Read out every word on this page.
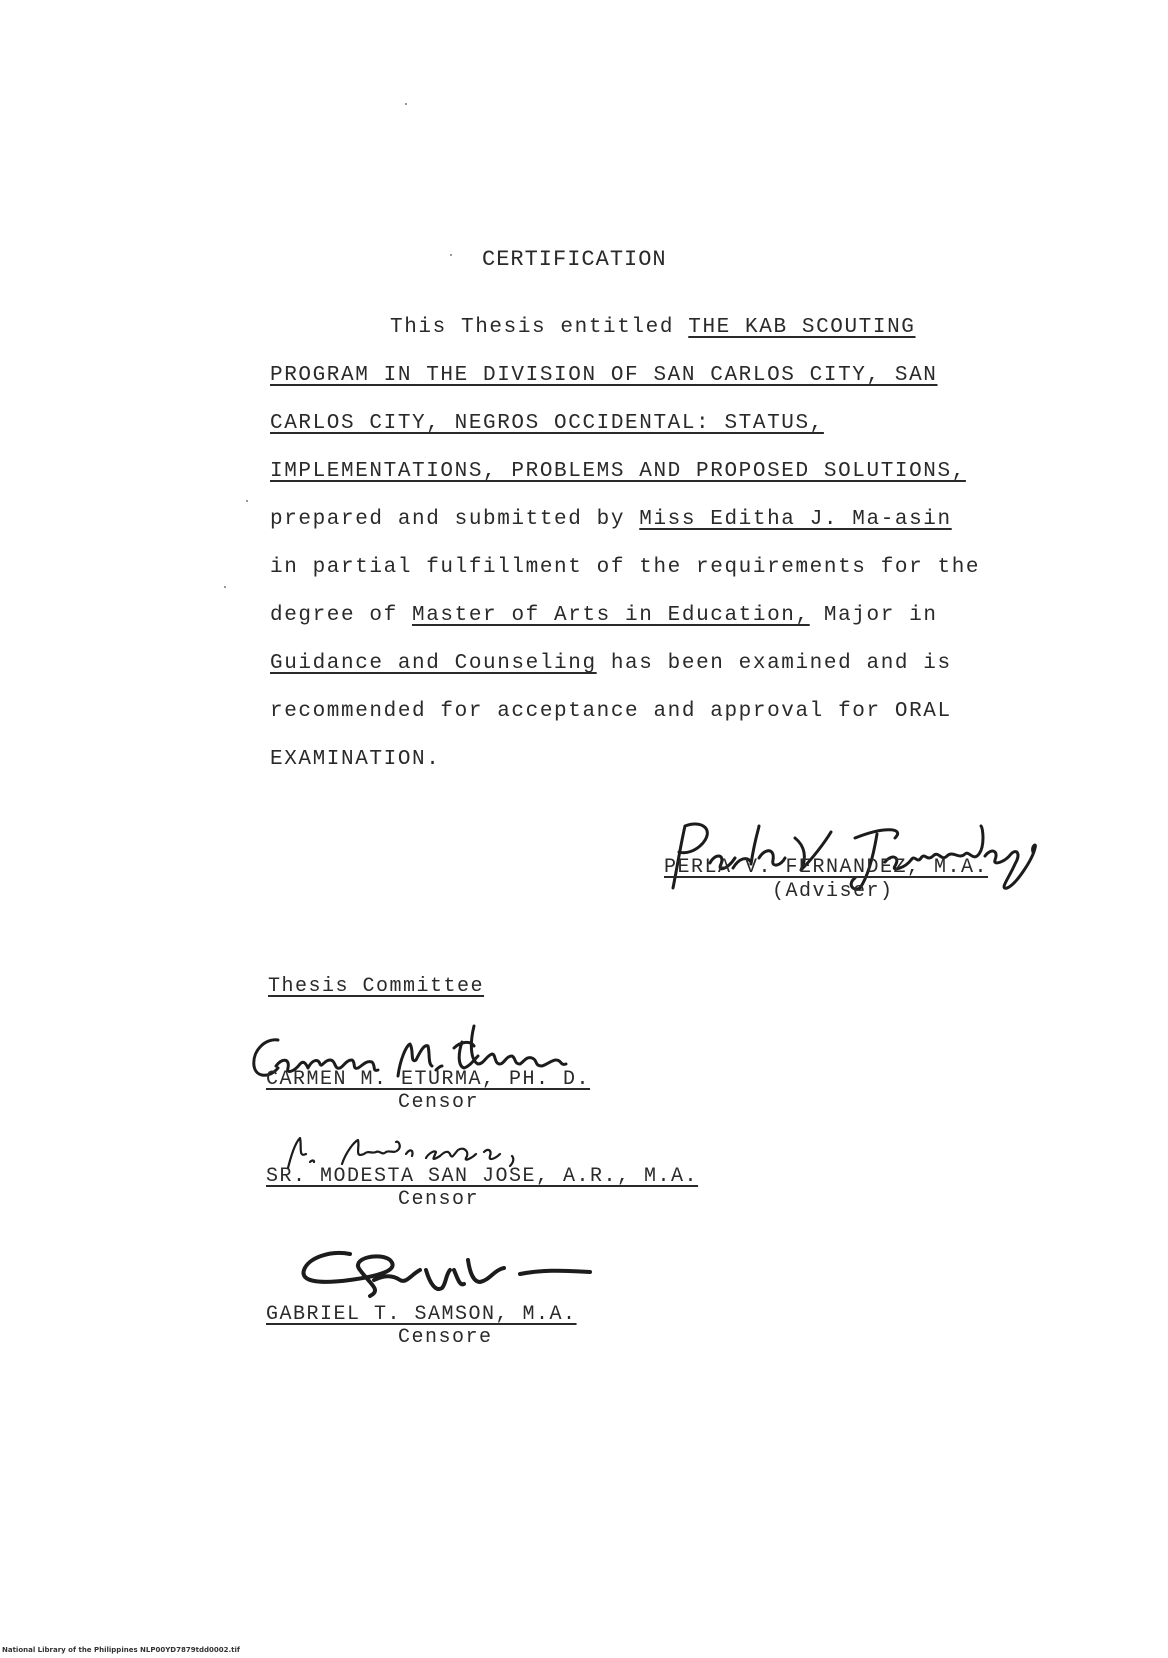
CERTIFICATION
This Thesis entitled THE KAB SCOUTING
PROGRAM IN THE DIVISION OF SAN CARLOS CITY, SAN
CARLOS CITY, NEGROS OCCIDENTAL: STATUS,
IMPLEMENTATIONS, PROBLEMS AND PROPOSED SOLUTIONS,
prepared and submitted by Miss Editha J. Ma-asin
in partial fulfillment of the requirements for the
degree of Master of Arts in Education, Major in
Guidance and Counseling has been examined and is
recommended for acceptance and approval for ORAL
EXAMINATION.
PERLA V. FERNANDEZ, M.A.
(Adviser)
Thesis Committee
CARMEN M. ETURMA, PH. D.
Censor
SR. MODESTA SAN JOSE, A.R., M.A.
Censor
GABRIEL T. SAMSON, M.A.
Censore
National Library of the Philippines NLP00YD7879tdd0002.tif
